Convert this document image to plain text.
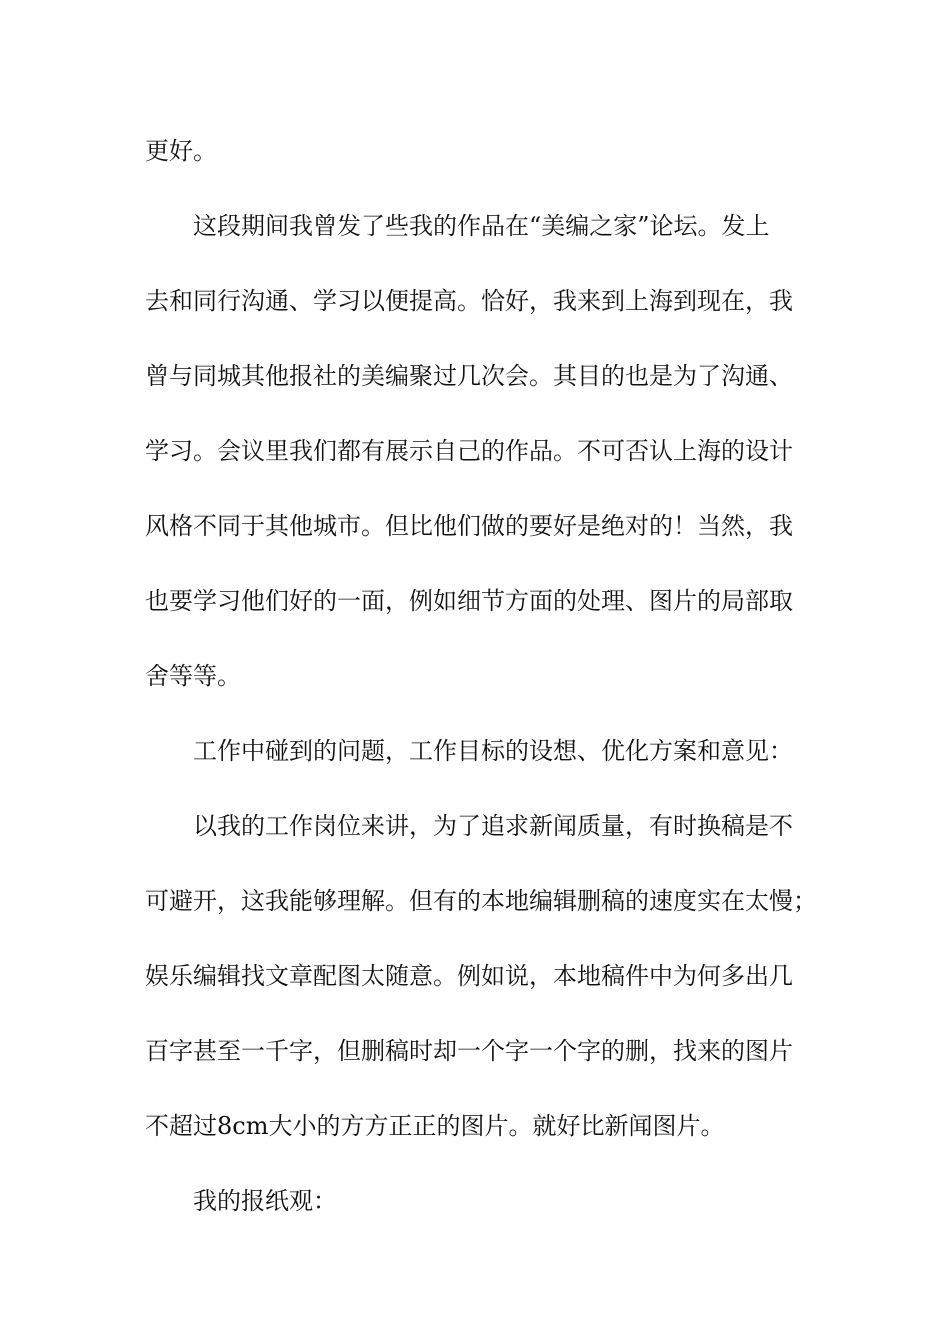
更好。
这段期间我曾发了些我的作品在“美编之家”论坛。发上
去和同行沟通、学习以便提高。恰好，我来到上海到现在，我
曾与同城其他报社的美编聚过几次会。其目的也是为了沟通、
学习。会议里我们都有展示自己的作品。不可否认上海的设计
风格不同于其他城市。但比他们做的要好是绝对的！当然，我
也要学习他们好的一面，例如细节方面的处理、图片的局部取
舍等等。
工作中碰到的问题，工作目标的设想、优化方案和意见：
以我的工作岗位来讲，为了追求新闻质量，有时换稿是不
可避开，这我能够理解。但有的本地编辑删稿的速度实在太慢；
娱乐编辑找文章配图太随意。例如说，本地稿件中为何多出几
百字甚至一千字，但删稿时却一个字一个字的删，找来的图片
不超过8cm大小的方方正正的图片。就好比新闻图片。
我的报纸观：
